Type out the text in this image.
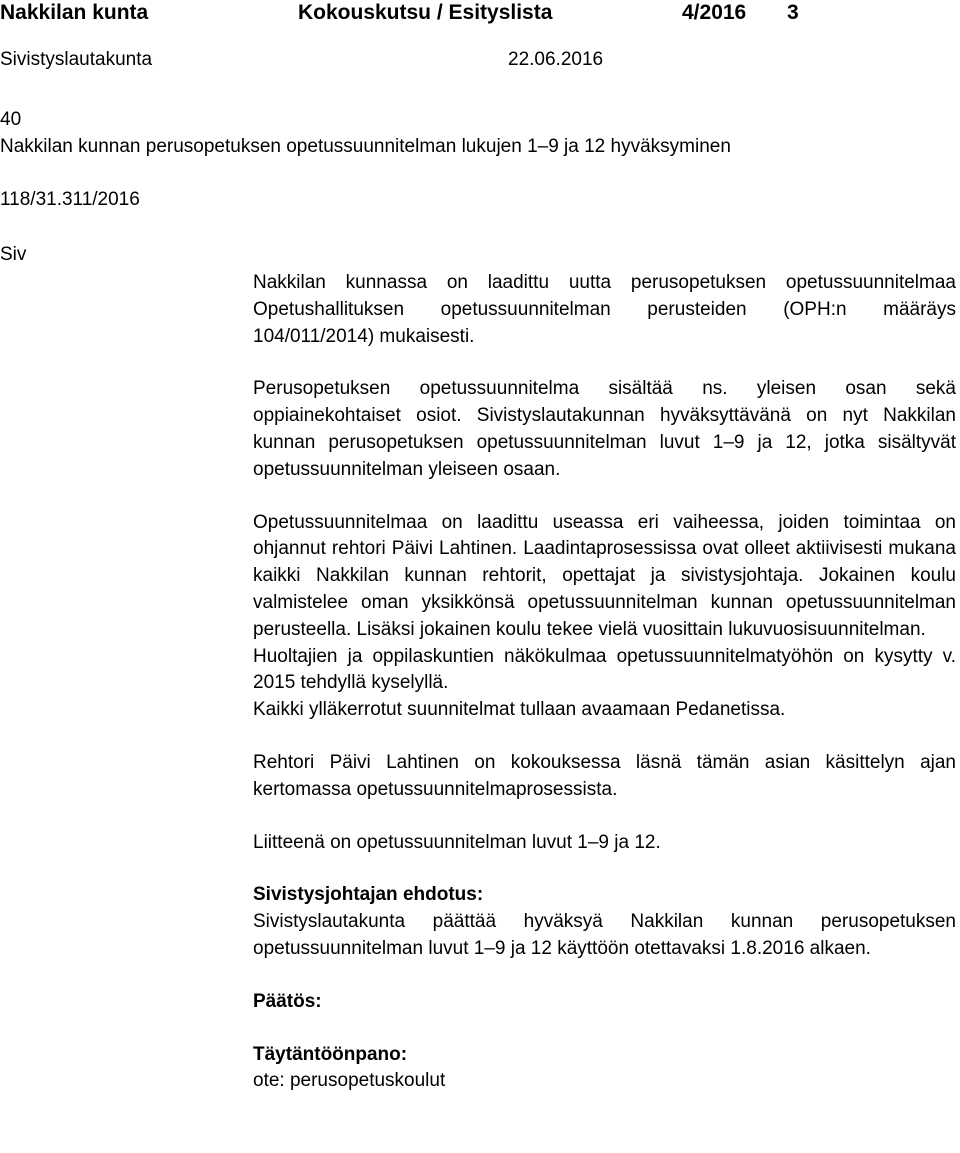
Nakkilan kunta	Kokouskutsu / Esityslista	4/2016 3
Sivistyslautakunta	22.06.2016
40
Nakkilan kunnan perusopetuksen opetussuunnitelman lukujen 1–9 ja 12 hyväksyminen
118/31.311/2016
Siv

Nakkilan kunnassa on laadittu uutta perusopetuksen opetussuunnitelmaa Opetushallituksen opetussuunnitelman perusteiden (OPH:n määräys 104/011/2014) mukaisesti.

Perusopetuksen opetussuunnitelma sisältää ns. yleisen osan sekä oppiainekohtaiset osiot. Sivistyslautakunnan hyväksyttävänä on nyt Nakkilan kunnan perusopetuksen opetussuunnitelman luvut 1–9 ja 12, jotka sisältyvät opetussuunnitelman yleiseen osaan.

Opetussuunnitelmaa on laadittu useassa eri vaiheessa, joiden toimintaa on ohjannut rehtori Päivi Lahtinen. Laadintaprosessissa ovat olleet aktiivisesti mukana kaikki Nakkilan kunnan rehtorit, opettajat ja sivistysjohtaja. Jokainen koulu valmistelee oman yksikkönsä opetussuunnitelman kunnan opetussuunnitelman perusteella. Lisäksi jokainen koulu tekee vielä vuosittain lukuvuosisuunnitelman.

Huoltajien ja oppilaskuntien näkökulmaa opetussuunnitelmatyöhön on kysytty v. 2015 tehdyllä kyselyllä.

Kaikki ylläkerrotut suunnitelmat tullaan avaamaan Pedanetissa.

Rehtori Päivi Lahtinen on kokouksessa läsnä tämän asian käsittelyn ajan kertomassa opetussuunnitelmaprosessista.

Liitteenä on opetussuunnitelman luvut 1–9 ja 12.

Sivistysjohtajan ehdotus:

Sivistyslautakunta päättää hyväksyä Nakkilan kunnan perusopetuksen opetussuunnitelman luvut 1–9 ja 12 käyttöön otettavaksi 1.8.2016 alkaen.

Päätös:

Täytäntöönpano:

ote: perusopetuskoulut
